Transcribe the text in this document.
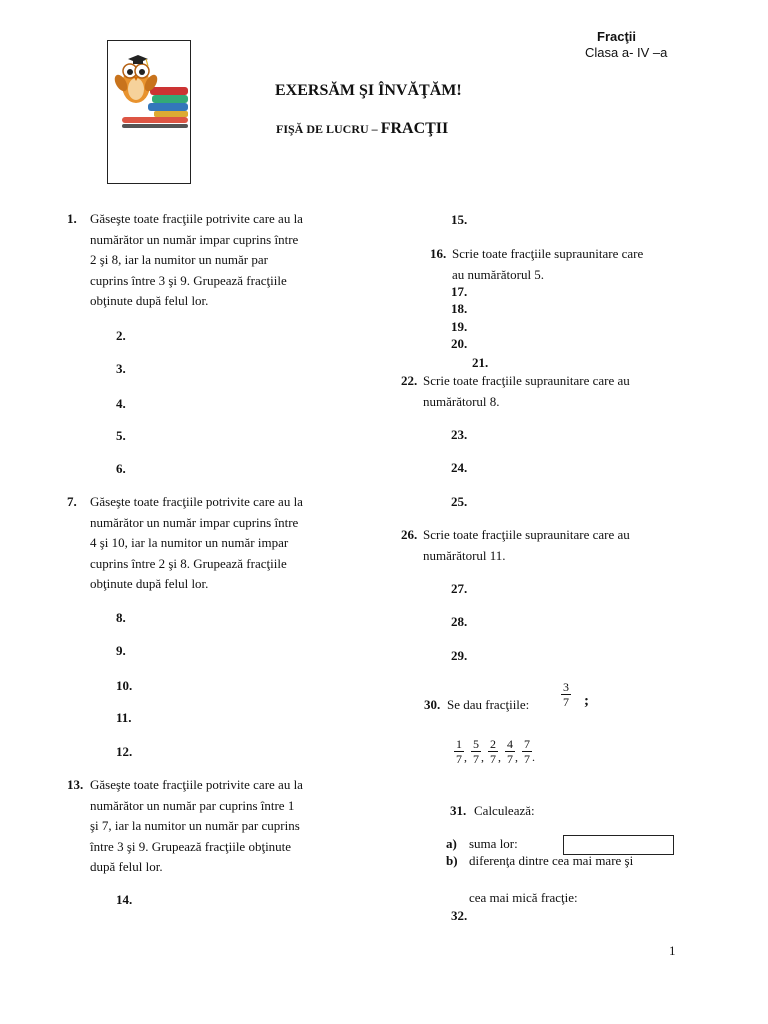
Fracţii
Clasa a- IV –a
EXERSĂM ŞI ÎNVĂŢĂM!
FIŞĂ DE LUCRU – FRACŢII
1. Găseşte toate fracţiile potrivite care au la
numărător un număr impar cuprins între
2 şi 8, iar la numitor un număr par
cuprins între 3 şi 9. Grupează fracţiile
obţinute după felul lor.
2.
3.
4.
5.
6.
7. Găseşte toate fracţiile potrivite care au la
numărător un număr impar cuprins între
4 şi 10, iar la numitor un număr impar
cuprins între 2 şi 8. Grupează fracţiile
obţinute după felul lor.
8.
9.
10.
11.
12.
13. Găseşte toate fracţiile potrivite care au la
numărător un număr par cuprins între 1
şi 7, iar la numitor un număr par cuprins
între 3 şi 9. Grupează fracţiile obţinute
după felul lor.
14.
15.
16. Scrie toate fracţiile supraunitare care
au numărătorul 5.
17.
18.
19.
20.
21.
22. Scrie toate fracţiile supraunitare care au
numărătorul 8.
23.
24.
25.
26. Scrie toate fracţiile supraunitare care au
numărătorul 11.
27.
28.
29.
30. Se dau fracţiile:	$\frac{3}{7}$ ;
$\frac{1}{7} _, \frac{5}{7} _, \frac{2}{7} _, \frac{4}{7} _, \frac{7}{7} _.$
31. Calculează:
a) suma lor:
b) diferenţa dintre cea mai mare şi
cea mai mică fracţie:
32.
1
